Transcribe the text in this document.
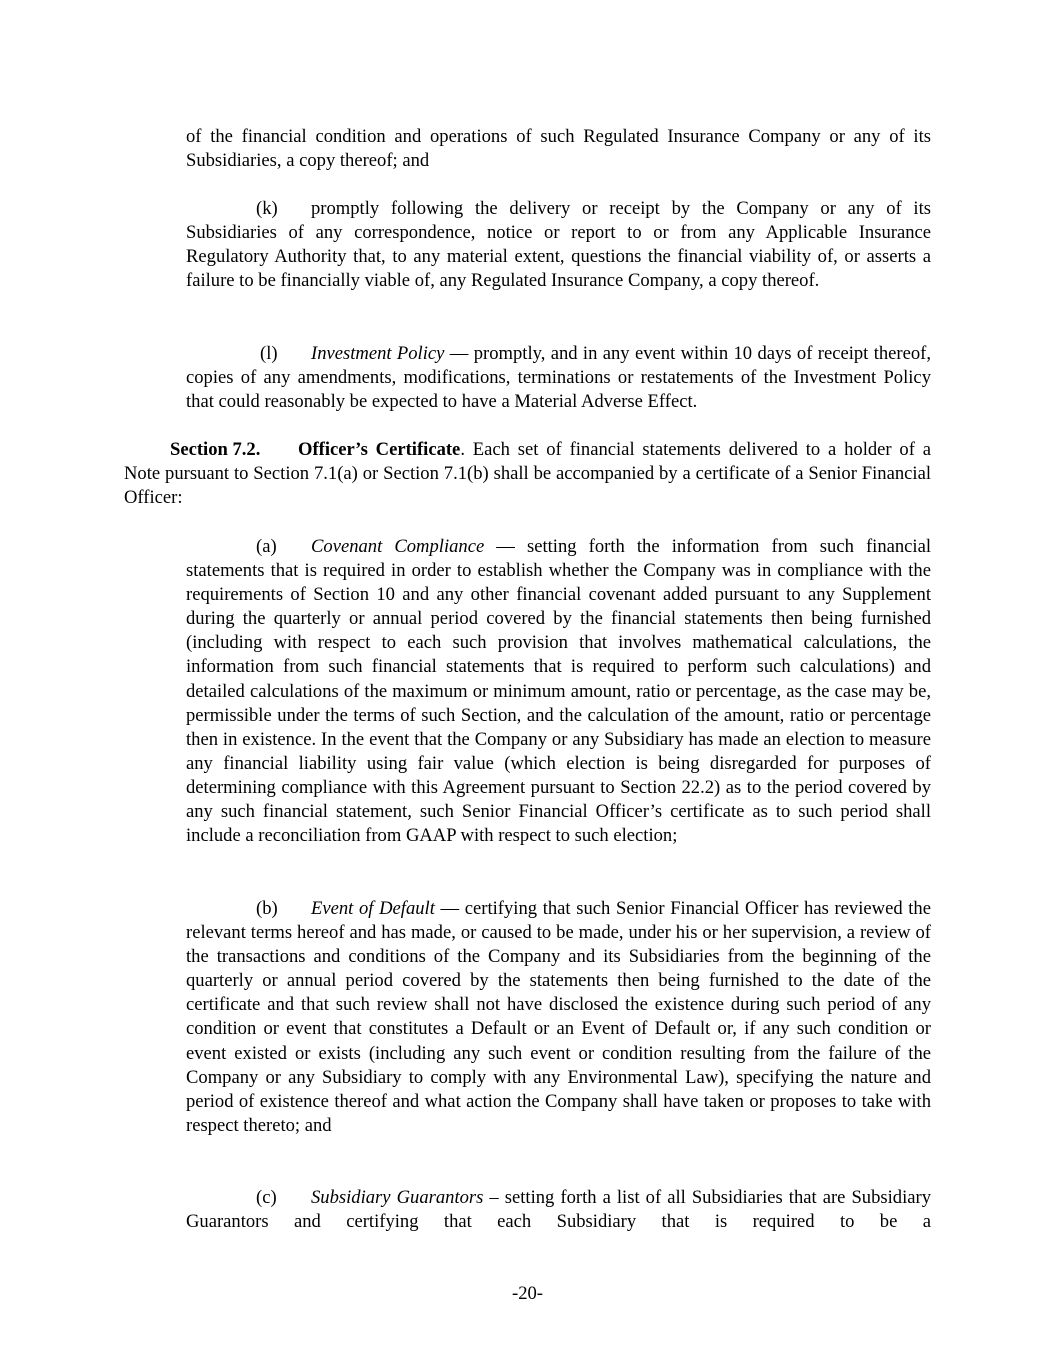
of the financial condition and operations of such Regulated Insurance Company or any of its Subsidiaries, a copy thereof; and

(k) promptly following the delivery or receipt by the Company or any of its Subsidiaries of any correspondence, notice or report to or from any Applicable Insurance Regulatory Authority that, to any material extent, questions the financial viability of, or asserts a failure to be financially viable of, any Regulated Insurance Company, a copy thereof.

(l) Investment Policy — promptly, and in any event within 10 days of receipt thereof, copies of any amendments, modifications, terminations or restatements of the Investment Policy that could reasonably be expected to have a Material Adverse Effect.

Section 7.2. Officer’s Certificate. Each set of financial statements delivered to a holder of a Note pursuant to Section 7.1(a) or Section 7.1(b) shall be accompanied by a certificate of a Senior Financial Officer:

(a) Covenant Compliance — setting forth the information from such financial statements that is required in order to establish whether the Company was in compliance with the requirements of Section 10 and any other financial covenant added pursuant to any Supplement during the quarterly or annual period covered by the financial statements then being furnished (including with respect to each such provision that involves mathematical calculations, the information from such financial statements that is required to perform such calculations) and detailed calculations of the maximum or minimum amount, ratio or percentage, as the case may be, permissible under the terms of such Section, and the calculation of the amount, ratio or percentage then in existence. In the event that the Company or any Subsidiary has made an election to measure any financial liability using fair value (which election is being disregarded for purposes of determining compliance with this Agreement pursuant to Section 22.2) as to the period covered by any such financial statement, such Senior Financial Officer’s certificate as to such period shall include a reconciliation from GAAP with respect to such election;

(b) Event of Default — certifying that such Senior Financial Officer has reviewed the relevant terms hereof and has made, or caused to be made, under his or her supervision, a review of the transactions and conditions of the Company and its Subsidiaries from the beginning of the quarterly or annual period covered by the statements then being furnished to the date of the certificate and that such review shall not have disclosed the existence during such period of any condition or event that constitutes a Default or an Event of Default or, if any such condition or event existed or exists (including any such event or condition resulting from the failure of the Company or any Subsidiary to comply with any Environmental Law), specifying the nature and period of existence thereof and what action the Company shall have taken or proposes to take with respect thereto; and

(c) Subsidiary Guarantors – setting forth a list of all Subsidiaries that are Subsidiary Guarantors and certifying that each Subsidiary that is required to be a

-20-
